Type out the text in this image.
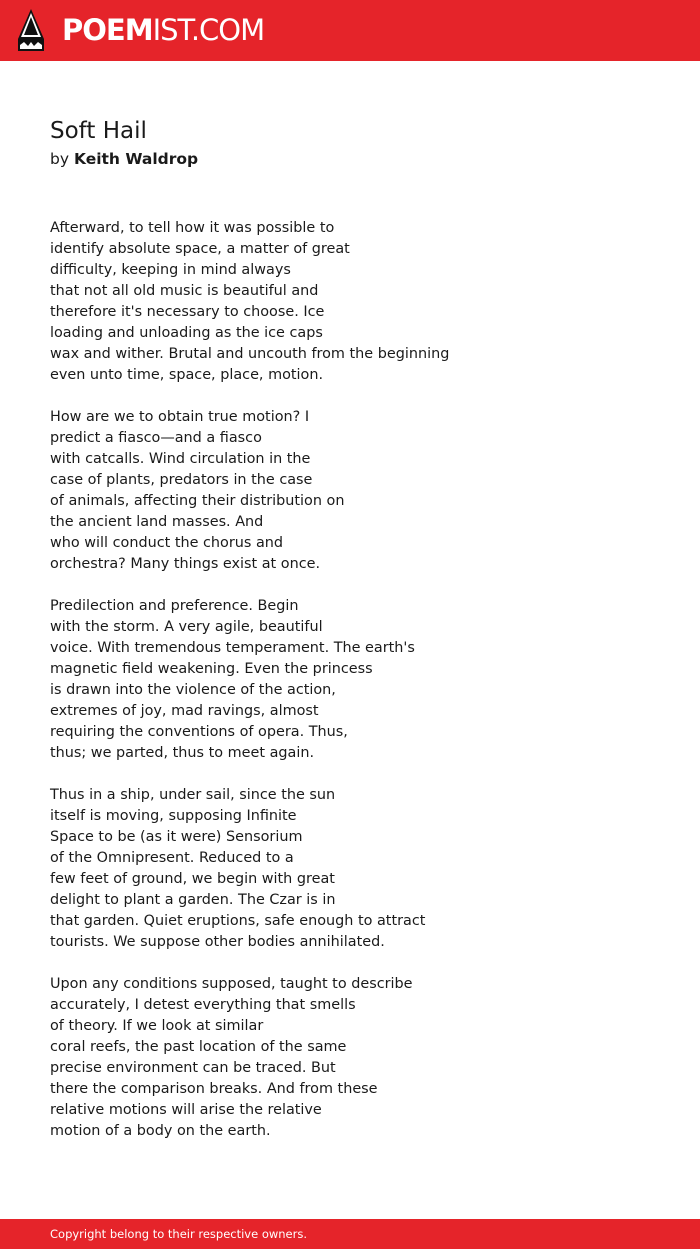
POEMIST.COM
Soft Hail
by Keith Waldrop
Afterward, to tell how it was possible to
identify absolute space, a matter of great
difficulty, keeping in mind always
that not all old music is beautiful and
therefore it's necessary to choose. Ice
loading and unloading as the ice caps
wax and wither. Brutal and uncouth from the beginning
even unto time, space, place, motion.
How are we to obtain true motion? I
predict a fiasco—and a fiasco
with catcalls. Wind circulation in the
case of plants, predators in the case
of animals, affecting their distribution on
the ancient land masses. And
who will conduct the chorus and
orchestra? Many things exist at once.
Predilection and preference. Begin
with the storm. A very agile, beautiful
voice. With tremendous temperament. The earth's
magnetic field weakening. Even the princess
is drawn into the violence of the action,
extremes of joy, mad ravings, almost
requiring the conventions of opera. Thus,
thus; we parted, thus to meet again.
Thus in a ship, under sail, since the sun
itself is moving, supposing Infinite
Space to be (as it were) Sensorium
of the Omnipresent. Reduced to a
few feet of ground, we begin with great
delight to plant a garden. The Czar is in
that garden. Quiet eruptions, safe enough to attract
tourists. We suppose other bodies annihilated.
Upon any conditions supposed, taught to describe
accurately, I detest everything that smells
of theory. If we look at similar
coral reefs, the past location of the same
precise environment can be traced. But
there the comparison breaks. And from these
relative motions will arise the relative
motion of a body on the earth.
Copyright belong to their respective owners.
